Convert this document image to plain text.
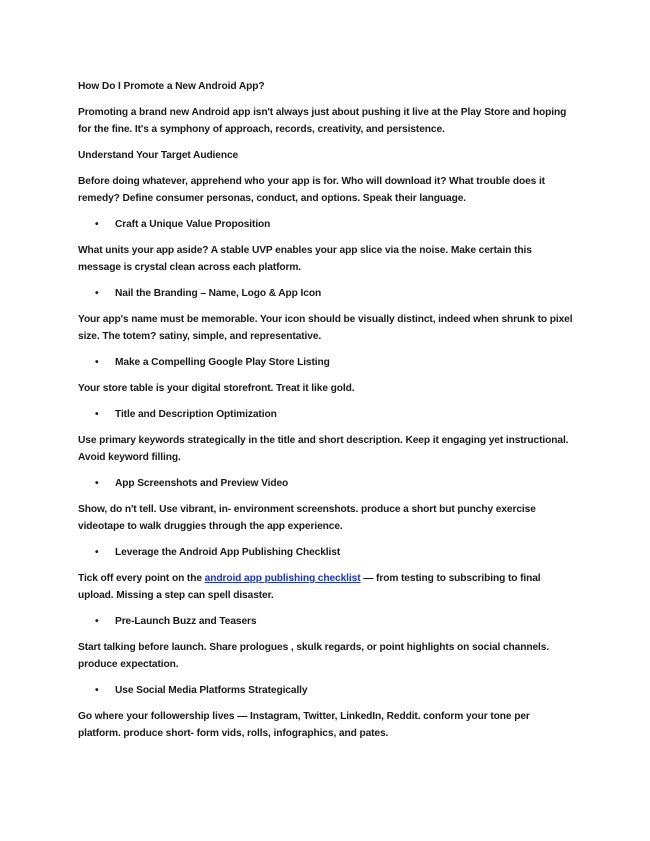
How Do I Promote a New Android App?
Promoting a brand new Android app isn't always just about pushing it live at the Play Store and hoping for the fine. It's a symphony of approach, records, creativity, and persistence.
Understand Your Target Audience
Before doing whatever, apprehend who your app is for. Who will download it? What trouble does it remedy? Define consumer personas, conduct, and options. Speak their language.
• Craft a Unique Value Proposition
What units your app aside? A stable UVP enables your app slice via the noise. Make certain this message is crystal clean across each platform.
• Nail the Branding – Name, Logo & App Icon
Your app's name must be memorable. Your icon should be visually distinct, indeed when shrunk to pixel size. The totem? satiny, simple, and representative.
• Make a Compelling Google Play Store Listing
Your store table is your digital storefront. Treat it like gold.
• Title and Description Optimization
Use primary keywords strategically in the title and short description. Keep it engaging yet instructional. Avoid keyword filling.
• App Screenshots and Preview Video
Show, do n't tell. Use vibrant, in- environment screenshots. produce a short but punchy exercise videotape to walk druggies through the app experience.
• Leverage the Android App Publishing Checklist
Tick off every point on the android app publishing checklist — from testing to subscribing to final upload. Missing a step can spell disaster.
• Pre-Launch Buzz and Teasers
Start talking before launch. Share prologues , skulk regards, or point highlights on social channels. produce expectation.
• Use Social Media Platforms Strategically
Go where your followership lives — Instagram, Twitter, LinkedIn, Reddit. conform your tone per platform. produce short- form vids, rolls, infographics, and pates.
